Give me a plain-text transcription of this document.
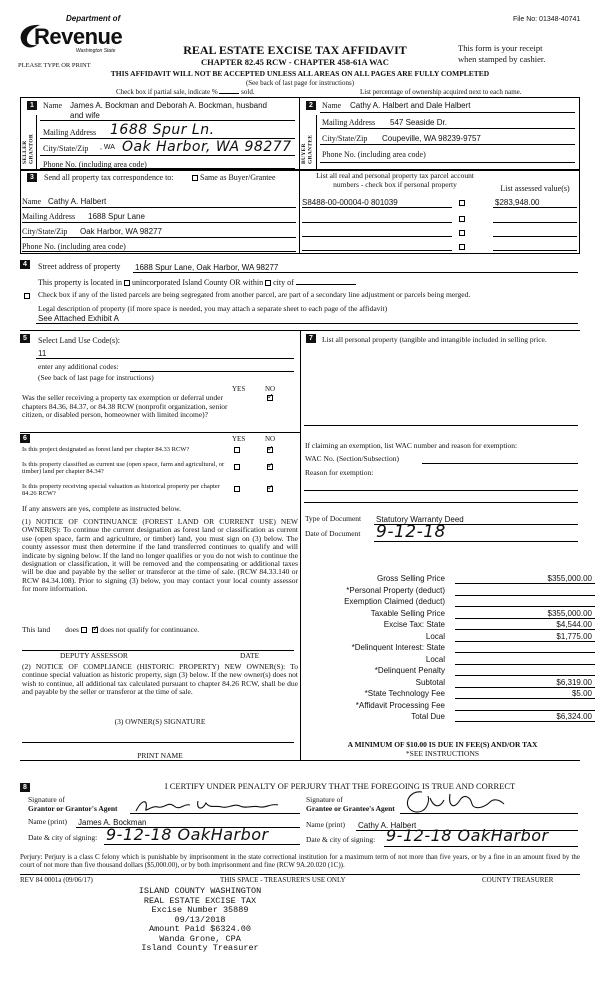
File No: 01348-40741
Department of
Revenue
Washington State
PLEASE TYPE OR PRINT
REAL ESTATE EXCISE TAX AFFIDAVIT
CHAPTER 82.45 RCW - CHAPTER 458-61A WAC
This form is your receipt
when stamped by cashier.
THIS AFFIDAVIT WILL NOT BE ACCEPTED UNLESS ALL AREAS ON ALL PAGES ARE FULLY COMPLETED
(See back of last page for instructions)
Check box if partial sale, indicate %	sold.	List percentage of ownership acquired next to each name.
1
SELLER GRANTOR
Name James A. Bockman and Deborah A. Bockman, husband
and wife
Mailing Address 1688 Spur Ln.
City/State/Zip , WA Oak Harbor, WA 98277
Phone No. (including area code)
2
BUYER GRANTEE
Name Cathy A. Halbert and Dale Halbert
Mailing Address 547 Seaside Dr.
City/State/Zip Coupeville, WA 98239-9757
Phone No. (including area code)
3	Send all property tax correspondence to:	Same as Buyer/Grantee
Name Cathy A. Halbert
Mailing Address 1688 Spur Lane
City/State/Zip Oak Harbor, WA 98277
Phone No. (including area code)
List all real and personal property tax parcel account
numbers - check box if personal property	List assessed value(s)
S8488-00-00004-0 801039	$283,948.00
4	Street address of property 1688 Spur Lane, Oak Harbor, WA 98277
This property is located in unincorporated Island County OR within city of
Check box if any of the listed parcels are being segregated from another parcel, are part of a secondary line adjustment or parcels being merged.
Legal description of property (if more space is needed, you may attach a separate sheet to each page of the affidavit)
See Attached Exhibit A
5	Select Land Use Code(s):
11
enter any additional codes:
(See back of last page for instructions)
YES	NO
Was the seller receiving a property tax exemption or deferral under chapters 84.36, 84.37, or 84.38 RCW (nonprofit organization, senior citizen, or disabled person, homeowner with limited income)?
✓
6	YES	NO
Is this project designated as forest land per chapter 84.33 RCW?
✓
Is this property classified as current use (open space, farm and agricultural, or timber) land per chapter 84.34?
✓
Is this property receiving special valuation as historical property per chapter 84.26 RCW?
✓
If any answers are yes, complete as instructed below.
(1) NOTICE OF CONTINUANCE (FOREST LAND OR CURRENT USE) NEW OWNER(S): To continue the current designation as forest land or classification as current use (open space, farm and agriculture, or timber) land, you must sign on (3) below. The county assessor must then determine if the land transferred continues to qualify and will indicate by signing below. If the land no longer qualifies or you do not wish to continue the designation or classification, it will be removed and the compensating or additional taxes will be due and payable by the seller or transferor at the time of sale. (RCW 84.33.140 or RCW 84.34.108). Prior to signing (3) below, you may contact your local county assessor for more information.
This land does    ✓	does not qualify for continuance.
DEPUTY ASSESSOR	DATE
(2) NOTICE OF COMPLIANCE (HISTORIC PROPERTY) NEW OWNER(S): To continue special valuation as historic property, sign (3) below. If the new owner(s) does not wish to continue, all additional tax calculated pursuant to chapter 84.26 RCW, shall be due and payable by the seller or transferor at the time of sale.
(3) OWNER(S) SIGNATURE
PRINT NAME
7	List all personal property (tangible and intangible included in selling price.
If claiming an exemption, list WAC number and reason for exemption:
WAC No. (Section/Subsection)
Reason for exemption:
Type of Document Statutory Warranty Deed
Date of Document 9-12-18
Gross Selling Price	$355,000.00
*Personal Property (deduct)
Exemption Claimed (deduct)
Taxable Selling Price	$355,000.00
Excise Tax: State	$4,544.00
Local	$1,775.00
*Delinquent Interest: State
Local
*Delinquent Penalty
Subtotal	$6,319.00
*State Technology Fee	$5.00
*Affidavit Processing Fee
Total Due	$6,324.00
A MINIMUM OF $10.00 IS DUE IN FEE(S) AND/OR TAX
*SEE INSTRUCTIONS
8	I CERTIFY UNDER PENALTY OF PERJURY THAT THE FOREGOING IS TRUE AND CORRECT
Signature of
Grantor or Grantor's Agent
Name (print) James A. Bockman
Date & city of signing: 9-12-18 OakHarbor
Signature of
Grantee or Grantee's Agent
Name (print) Cathy A. Halbert
Date & city of signing: 9-12-18 OakHarbor
Perjury: Perjury is a class C felony which is punishable by imprisonment in the state correctional institution for a maximum term of not more than five years, or by a fine in an amount fixed by the court of not more than five thousand dollars ($5,000.00), or by both imprisonment and fine (RCW 9A.20.020 (1C)).
REV 84 0001a (09/06/17)	THIS SPACE - TREASURER'S USE ONLY	COUNTY TREASURER
ISLAND COUNTY WASHINGTON
REAL ESTATE EXCISE TAX
Excise Number 35889
09/13/2018
Amount Paid $6324.00
Wanda Grone, CPA
Island County Treasurer
